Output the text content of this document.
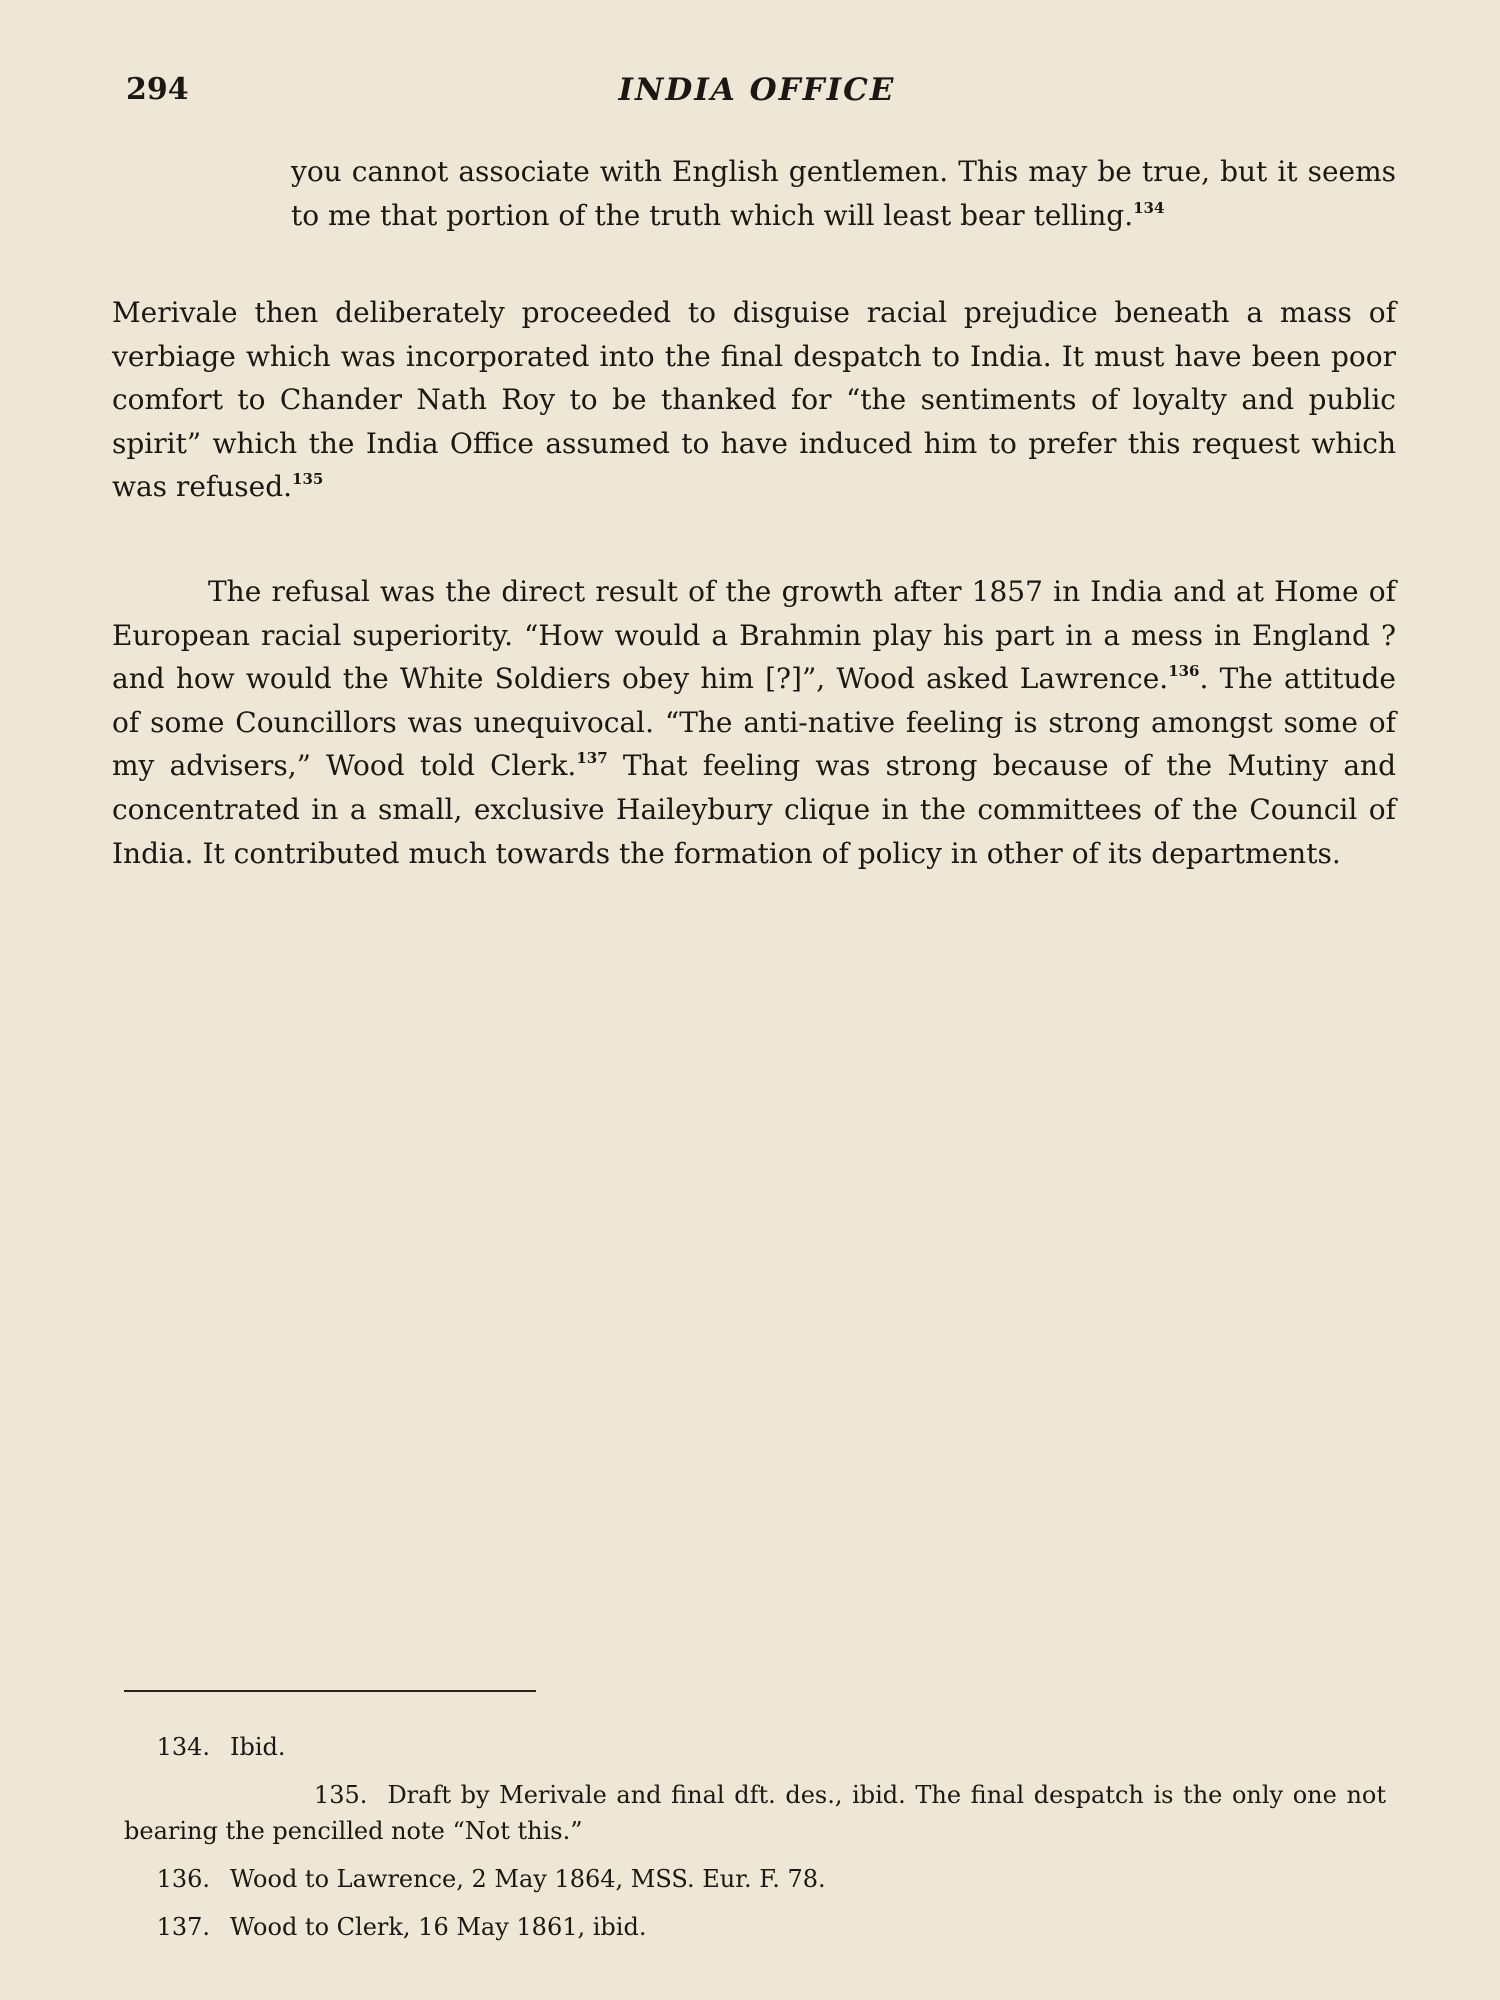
294	INDIA OFFICE
you cannot associate with English gentlemen. This may be true, but it seems to me that portion of the truth which will least bear telling.$^{134}$
Merivale then deliberately proceeded to disguise racial prejudice beneath a mass of verbiage which was incorporated into the final despatch to India. It must have been poor comfort to Chander Nath Roy to be thanked for “the sentiments of loyalty and public spirit” which the India Office assumed to have induced him to prefer this request which was refused.$^{135}$
The refusal was the direct result of the growth after 1857 in India and at Home of European racial superiority. “How would a Brahmin play his part in a mess in England ? and how would the White Soldiers obey him [?]”, Wood asked Lawrence.$^{136}$. The attitude of some Councillors was unequivocal. “The anti-native feeling is strong amongst some of my advisers,” Wood told Clerk.$^{137}$ That feeling was strong because of the Mutiny and concentrated in a small, exclusive Haileybury clique in the committees of the Council of India. It contributed much towards the formation of policy in other of its departments.
134. Ibid.
135. Draft by Merivale and final dft. des., ibid. The final despatch is the only one not bearing the pencilled note “Not this.”
136. Wood to Lawrence, 2 May 1864, MSS. Eur. F. 78.
137. Wood to Clerk, 16 May 1861, ibid.
